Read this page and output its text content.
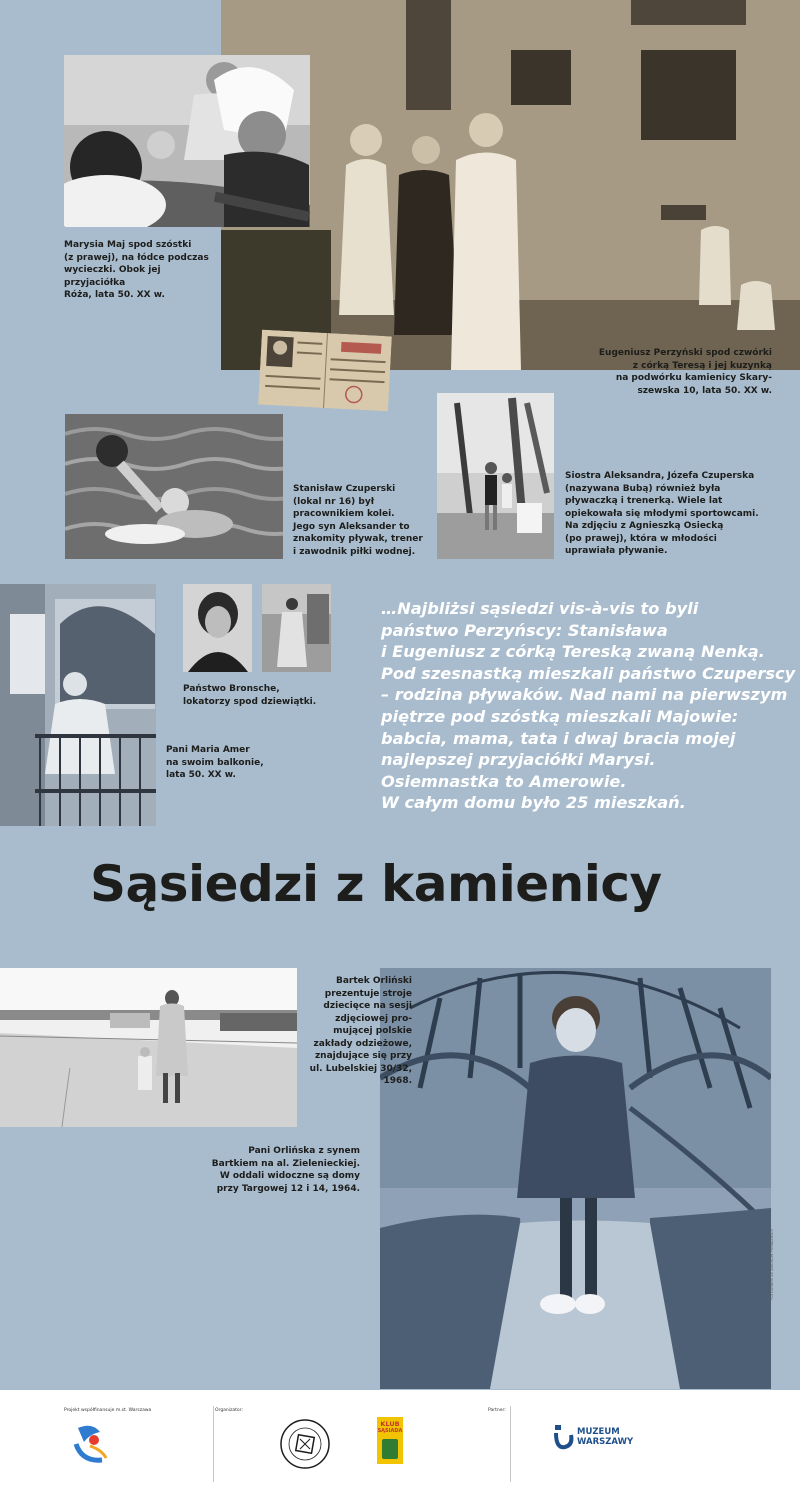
Marysia Maj spod szóstki
(z prawej), na łódce podczas
wycieczki. Obok jej przyjaciółka
Róża, lata 50. XX w.
Eugeniusz Perzyński spod czwórki
z córką Teresą i jej kuzynką
na podwórku kamienicy Skary-
szewska 10, lata 50. XX w.
Stanisław Czuperski
(lokal nr 16) był
pracownikiem kolei.
Jego syn Aleksander to
znakomity pływak, trener
i zawodnik piłki wodnej.
Siostra Aleksandra, Józefa Czuperska
(nazywana Bubą) również była
pływaczką i trenerką. Wiele lat
opiekowała się młodymi sportowcami.
Na zdjęciu z Agnieszką Osiecką
(po prawej), która w młodości
uprawiała pływanie.
Państwo Bronsche,
lokatorzy spod dziewiątki.
Pani Maria Amer
na swoim balkonie,
lata 50. XX w.
Bartek Orliński
prezentuje stroje
dziecięce na sesji
zdjęciowej pro-
mującej polskie
zakłady odzieżowe,
znajdujące się przy
ul. Lubelskiej 30/32,
1968.
Pani Orlińska z synem
Bartkiem na al. Zielenieckiej.
W oddali widoczne są domy
przy Targowej 12 i 14, 1964.
…Najbliżsi sąsiedzi vis-à-vis to byli
państwo Perzyńscy: Stanisława
i Eugeniusz z córką Tereską zwaną Nenką.
Pod szesnastką mieszkali państwo Czuperscy
– rodzina pływaków. Nad nami na pierwszym
piętrze pod szóstką mieszkali Majowie:
babcia, mama, tata i dwaj bracia mojej
najlepszej przyjaciółki Marysi.
Osiemnastka to Amerowie.
W całym domu było 25 mieszkań.
Sąsiedzi z kamienicy
FOTOGRAFIE ZE ZBIORÓW PRYWATNYCH
Projekt współfinansuje m.st. Warszawa	Organizator:	Partner:
KLUB
SĄSIADA	MUZEUM
WARSZAWY
